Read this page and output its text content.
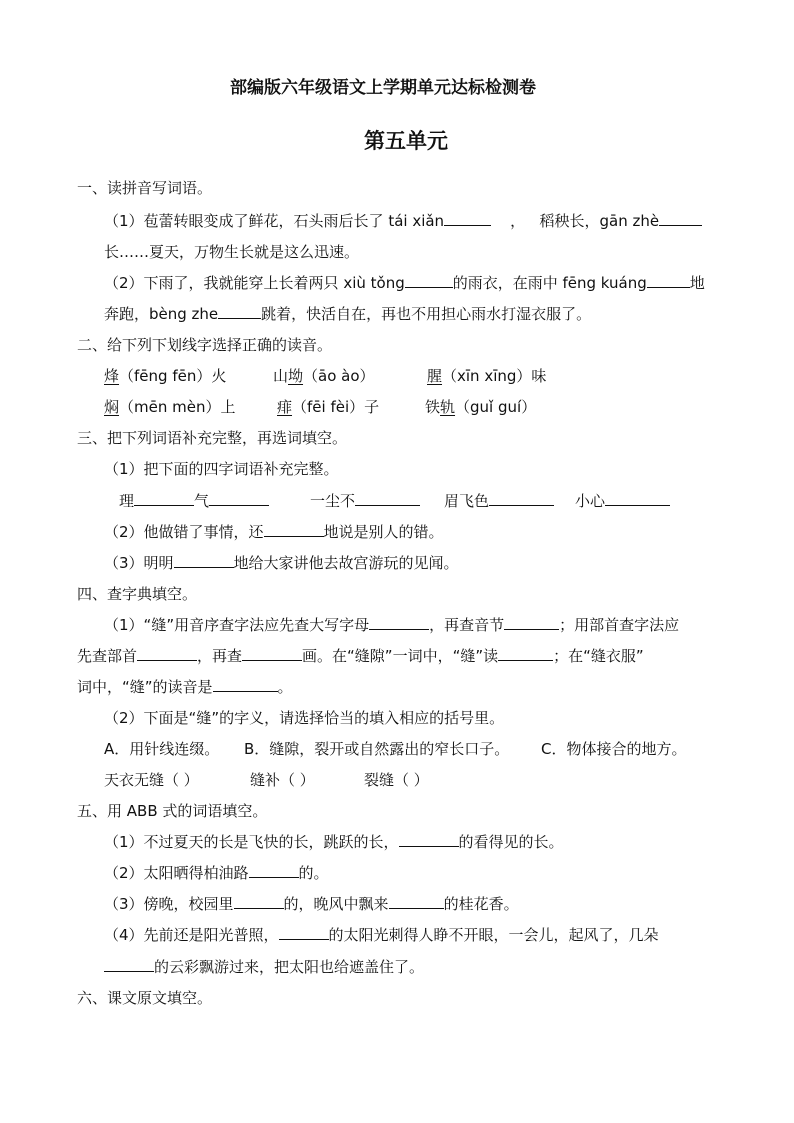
部编版六年级语文上学期单元达标检测卷
第五单元
一、读拼音写词语。
（1）苞蕾转眼变成了鲜花，石头雨后长了 tái xiǎn	， 稻秧长，gān zhè
长……夏天，万物生长就是这么迅速。
（2）下雨了，我就能穿上长着两只 xiù tǒng	的雨衣，在雨中 fēng kuáng	地
奔跑，bèng zhe	跳着，快活自在，再也不用担心雨水打湿衣服了。
二、给下列下划线字选择正确的读音。
烽（fēng fēn）火	山坳（āo ào）	腥（xīn xīng）味
焖（mēn mèn）上	痱（fēi fèi）子	铁轨（guǐ guí）
三、把下列词语补充完整，再选词填空。
（1）把下面的四字词语补充完整。
理	气	一尘不	眉飞色	小心
（2）他做错了事情，还	地说是别人的错。
（3）明明	地给大家讲他去故宫游玩的见闻。
四、查字典填空。
（1）“缝”用音序查字法应先查大写字母	，再查音节	；用部首查字法应
先查部首	，再查	画。在“缝隙”一词中，“缝”读	；在“缝衣服”
词中，“缝”的读音是	。
（2）下面是“缝”的字义，请选择恰当的填入相应的括号里。
A．用针线连缀。 B．缝隙，裂开或自然露出的窄长口子。 C．物体接合的地方。
天衣无缝（ ）	缝补（ ）	裂缝（ ）
五、用 ABB 式的词语填空。
（1）不过夏天的长是飞快的长，跳跃的长，	的看得见的长。
（2）太阳晒得柏油路	的。
（3）傍晚，校园里	的，晚风中飘来	的桂花香。
（4）先前还是阳光普照，	的太阳光刺得人睁不开眼，一会儿，起风了，几朵
的云彩飘游过来，把太阳也给遮盖住了。
六、课文原文填空。
